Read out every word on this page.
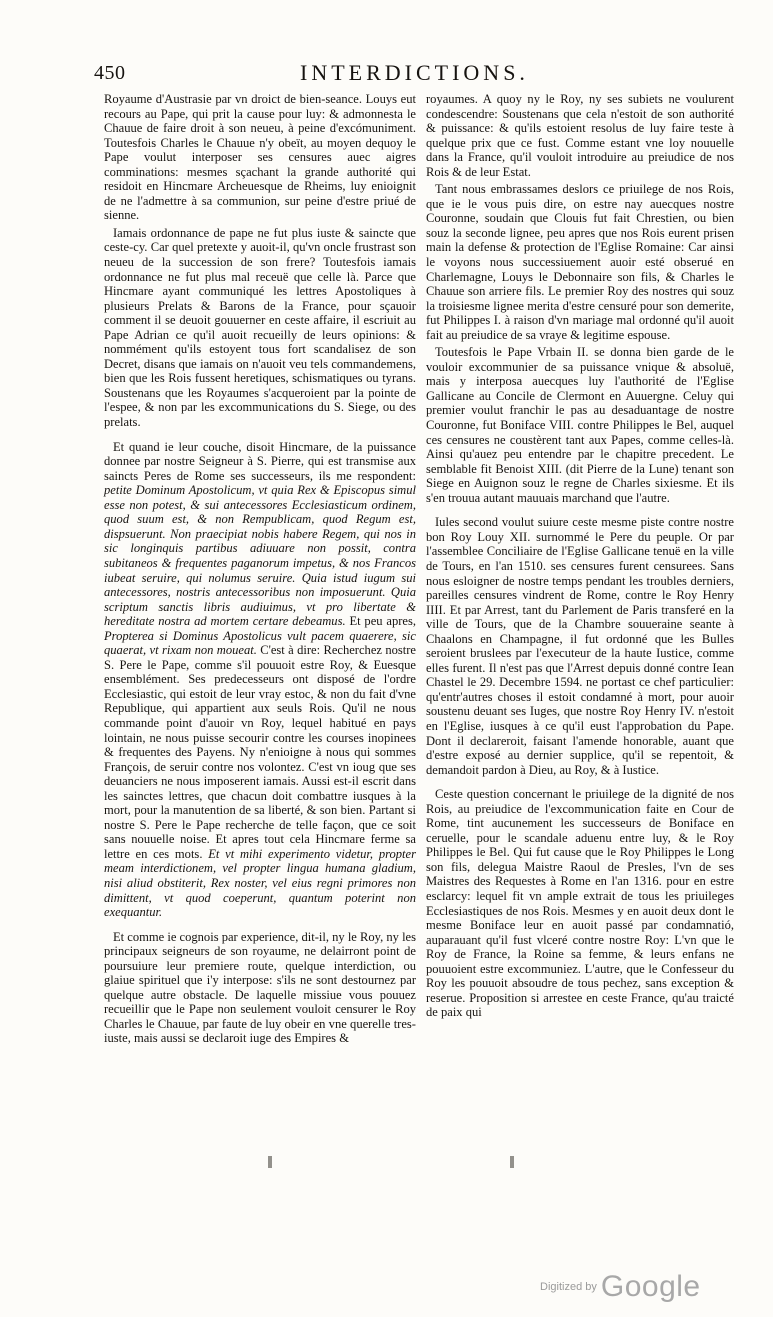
450	INTERDICTIONS.

Royaume d'Austrasie par vn droict de bien-seance. Louys eut recours au Pape, qui prit la cause pour luy: & admonnesta le Chauue de faire droit à son neueu, à peine d'excómuniment. Toutesfois Charles le Chauue n'y obeït, au moyen dequoy le Pape voulut interposer ses censures auec aigres comminations: mesmes sçachant la grande authorité qui residoit en Hincmare Archeuesque de Rheims, luy enioignit de ne l'admettre à sa communion, sur peine d'estre priué de sienne.

Iamais ordonnance de pape ne fut plus iuste & saincte que ceste-cy. Car quel pretexte y auoit-il, qu'vn oncle frustrast son neueu de la succession de son frere? Toutesfois iamais ordonnance ne fut plus mal receuë que celle là. Parce que Hincmare ayant communiqué les lettres Apostoliques à plusieurs Prelats & Barons de la France, pour sçauoir comment il se deuoit gouuerner en ceste affaire, il escriuit au Pape Adrian ce qu'il auoit recueilly de leurs opinions: & nommément qu'ils estoyent tous fort scandalisez de son Decret, disans que iamais on n'auoit veu tels commandemens, bien que les Rois fussent heretiques, schismatiques ou tyrans. Soustenans que les Royaumes s'acqueroient par la pointe de l'espee, & non par les excommunications du S. Siege, ou des prelats.

Et quand ie leur couche, disoit Hincmare, de la puissance donnee par nostre Seigneur à S. Pierre, qui est transmise aux saincts Peres de Rome ses successeurs, ils me respondent: petite Dominum Apostolicum, vt quia Rex & Episcopus simul esse non potest, & sui antecessores Ecclesiasticum ordinem, quod suum est, & non Rempublicam, quod Regum est, dispsuerunt. Non praecipiat nobis habere Regem, qui nos in sic longinquis partibus adiuuare non possit, contra subitaneos & frequentes paganorum impetus, & nos Francos iubeat seruire, qui nolumus seruire. Quia istud iugum sui antecessores, nostris antecessoribus non imposuerunt. Quia scriptum sanctis libris audiuimus, vt pro libertate & hereditate nostra ad mortem certare debeamus. Et peu apres, Propterea si Dominus Apostolicus vult pacem quaerere, sic quaerat, vt rixam non moueat. C'est à dire: Recherchez nostre S. Pere le Pape, comme s'il pouuoit estre Roy, & Euesque ensemblément. Ses predecesseurs ont disposé de l'ordre Ecclesiastic, qui estoit de leur vray estoc, & non du fait d'vne Republique, qui appartient aux seuls Rois. Qu'il ne nous commande point d'auoir vn Roy, lequel habitué en pays lointain, ne nous puisse secourir contre les courses inopinees & frequentes des Payens. Ny n'enioigne à nous qui sommes François, de seruir contre nos volontez. C'est vn ioug que ses deuanciers ne nous imposerent iamais. Aussi est-il escrit dans les sainctes lettres, que chacun doit combattre iusques à la mort, pour la manutention de sa liberté, & son bien. Partant si nostre S. Pere le Pape recherche de telle façon, que ce soit sans nouuelle noise. Et apres tout cela Hincmare ferme sa lettre en ces mots. Et vt mihi experimento videtur, propter meam interdictionem, vel propter lingua humana gladium, nisi aliud obstiterit, Rex noster, vel eius regni primores non dimittent, vt quod coeperunt, quantum poterint non exequantur.

Et comme ie cognois par experience, dit-il, ny le Roy, ny les principaux seigneurs de son royaume, ne delairront point de poursuiure leur premiere route, quelque interdiction, ou glaiue spirituel que i'y interpose: s'ils ne sont destournez par quelque autre obstacle. De laquelle missiue vous pouuez recueillir que le Pape non seulement vouloit censurer le Roy Charles le Chauue, par faute de luy obeir en vne querelle tres-iuste, mais aussi se declaroit iuge des Empires &

royaumes. A quoy ny le Roy, ny ses subiets ne voulurent condescendre: Soustenans que cela n'estoit de son authorité & puissance: & qu'ils estoient resolus de luy faire teste à quelque prix que ce fust. Comme estant vne loy nouuelle dans la France, qu'il vouloit introduire au preiudice de nos Rois & de leur Estat.

Tant nous embrassames deslors ce priuilege de nos Rois, que ie le vous puis dire, on estre nay auecques nostre Couronne, soudain que Clouis fut fait Chrestien, ou bien souz la seconde lignee, peu apres que nos Rois eurent prisen main la defense & protection de l'Eglise Romaine: Car ainsi le voyons nous successiuement auoir esté obserué en Charlemagne, Louys le Debonnaire son fils, & Charles le Chauue son arriere fils. Le premier Roy des nostres qui souz la troisiesme lignee merita d'estre censuré pour son demerite, fut Philippes I. à raison d'vn mariage mal ordonné qu'il auoit fait au preiudice de sa vraye & legitime espouse.

Toutesfois le Pape Vrbain II. se donna bien garde de le vouloir excommunier de sa puissance vnique & absoluë, mais y interposa auecques luy l'authorité de l'Eglise Gallicane au Concile de Clermont en Auuergne. Celuy qui premier voulut franchir le pas au desaduantage de nostre Couronne, fut Boniface VIII. contre Philippes le Bel, auquel ces censures ne coustèrent tant aux Papes, comme celles-là. Ainsi qu'auez peu entendre par le chapitre precedent. Le semblable fit Benoist XIII. (dit Pierre de la Lune) tenant son Siege en Auignon souz le regne de Charles sixiesme. Et ils s'en trouua autant mauuais marchand que l'autre.

Iules second voulut suiure ceste mesme piste contre nostre bon Roy Louy XII. surnommé le Pere du peuple. Or par l'assemblee Conciliaire de l'Eglise Gallicane tenuë en la ville de Tours, en l'an 1510. ses censures furent censurees. Sans nous esloigner de nostre temps pendant les troubles derniers, pareilles censures vindrent de Rome, contre le Roy Henry IIII. Et par Arrest, tant du Parlement de Paris transferé en la ville de Tours, que de la Chambre souueraine seante à Chaalons en Champagne, il fut ordonné que les Bulles seroient bruslees par l'executeur de la haute Iustice, comme elles furent. Il n'est pas que l'Arrest depuis donné contre Iean Chastel le 29. Decembre 1594. ne portast ce chef particulier: qu'entr'autres choses il estoit condamné à mort, pour auoir soustenu deuant ses Iuges, que nostre Roy Henry IV. n'estoit en l'Eglise, iusques à ce qu'il eust l'approbation du Pape. Dont il declareroit, faisant l'amende honorable, auant que d'estre exposé au dernier supplice, qu'il se repentoit, & demandoit pardon à Dieu, au Roy, & à Iustice.

Ceste question concernant le priuilege de la dignité de nos Rois, au preiudice de l'excommunication faite en Cour de Rome, tint aucunement les successeurs de Boniface en ceruelle, pour le scandale aduenu entre luy, & le Roy Philippes le Bel. Qui fut cause que le Roy Philippes le Long son fils, delegua Maistre Raoul de Presles, l'vn de ses Maistres des Requestes à Rome en l'an 1316. pour en estre esclarcy: lequel fit vn ample extrait de tous les priuileges Ecclesiastiques de nos Rois. Mesmes y en auoit deux dont le mesme Boniface leur en auoit passé par condamnatió, auparauant qu'il fust vlceré contre nostre Roy: L'vn que le Roy de France, la Roine sa femme, & leurs enfans ne pouuoient estre excommuniez. L'autre, que le Confesseur du Roy les pouuoit absoudre de tous pechez, sans exception & reserue. Proposition si arrestee en ceste France, qu'au traicté de paix qui

Digitized by Google
